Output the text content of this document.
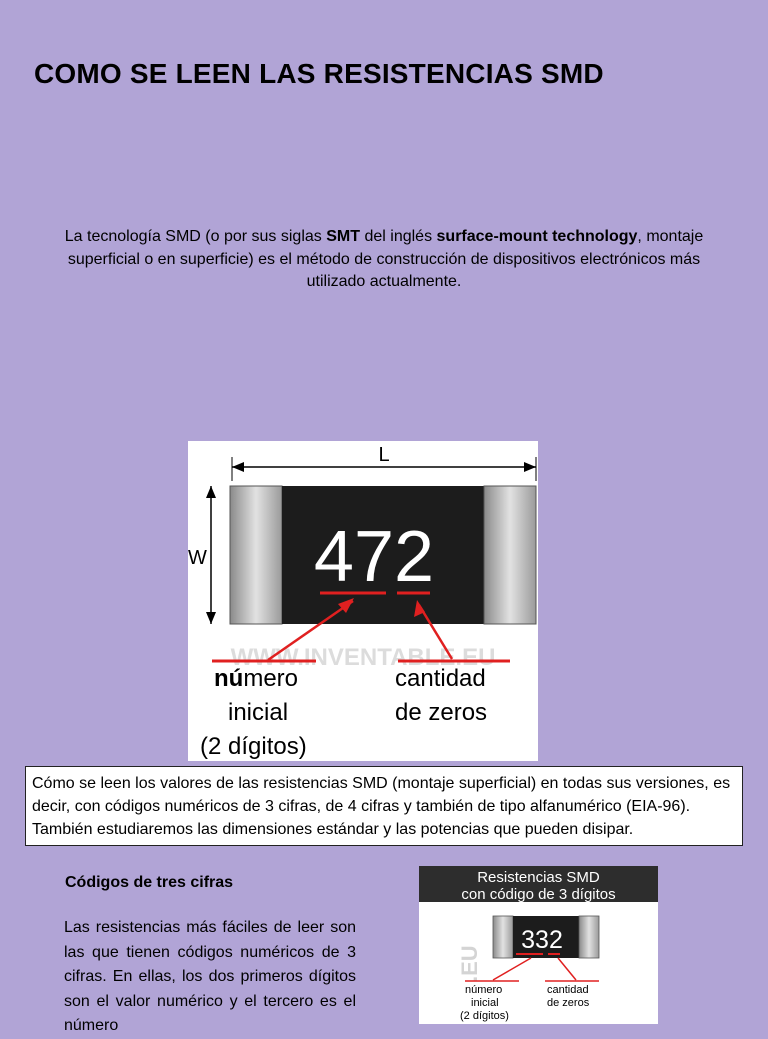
COMO SE LEEN LAS RESISTENCIAS SMD

La tecnología SMD (o por sus siglas SMT del inglés surface-mount technology, montaje superficial o en superficie) es el método de construcción de dispositivos electrónicos más utilizado actualmente.

L
W 472
WWW.INVENTABLE.EU
número
inicial
(2 dígitos)
cantidad
de zeros
Cómo se leen los valores de las resistencias SMD (montaje superficial) en todas sus versiones, es decir, con códigos numéricos de 3 cifras, de 4 cifras y también de tipo alfanumérico (EIA-96). También estudiaremos las dimensiones estándar y las potencias que pueden disipar.
Códigos de tres cifras

Las resistencias más fáciles de leer son las que tienen códigos numéricos de 3 cifras. En ellas, los dos primeros dígitos son el valor numérico y el tercero es el número

Resistencias SMD
con código de 3 dígitos
.EU
332
número
inicial
(2 dígitos)
cantidad
de zeros
